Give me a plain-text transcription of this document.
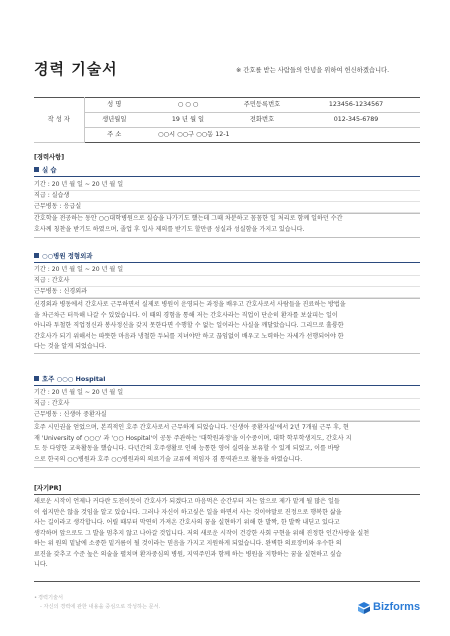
경력 기술서	※ 간호를 받는 사람들의 안녕을 위하여 헌신하겠습니다.
작 성 자	성 명	○ ○ ○	주민등록번호	123456-1234567
	생년월일	19 년 월 일	전화번호	012-345-6789
	주 소	○○시 ○○구 ○○동 12-1		
[경력사항]
실 습
기간 : 20 년 월 일 ~ 20 년 월 일
직급 : 실습생
근무병동 : 응급실
간호학을 전공하는 동안 ○○대학병원으로 실습을 나가기도 했는데 그때 차분하고 꼼꼼한 일 처리로 함께 일하던 수간
호사께 칭찬을 받기도 하였으며, 졸업 후 입사 제의를 받기도 할만큼 성실과 성실함을 가지고 있습니다.
○○병원 정형외과
기간 : 20 년 월 일 ~ 20 년 월 일
직급 : 간호사
근무병동 : 신경외과
신경외과 병동에서 간호사로 근무하면서 실제로 병원이 운영되는 과정을 배우고 간호사로서 사람들을 진료하는 방법을
을 차근차근 터득해 나갈 수 있었습니다. 이 때의 경험을 통해 저는 간호사라는 직업이 단순히 환자를 보살피는 일이
아니라 투철한 직업정신과 봉사정신을 갖지 못한다면 수행할 수 없는 일이라는 사실을 깨달았습니다. 그리므로 훌륭한
간호사가 되기 위해서는 따뜻한 마음과 냉철한 두뇌를 지녀야만 하고 끊임없이 배우고 노력하는 자세가 선행되어야 한
다는 것을 알게 되었습니다.
호주 ○○○ Hospital
기간 : 20 년 월 일 ~ 20 년 월 일
직급 : 간호사
근무병동 : 신생아 중환자실
호주 시민권을 얻었으며, 본격적인 호주 간호사로서 근무하게 되었습니다. '신생아 중환자실'에서 2년 7개월 근무 후, 현
재 'University of ○○○' 과 '○○ Hospital'이 공동 주관하는 '대학원과정'을 이수중이며, 대학 학부학생지도, 간호사 지
도 등 다양한 교육활동을 했습니다. 다년간의 호주생활로 인해 능통한 영어 실력을 보유할 수 있게 되었고, 이를 바탕
으로 한국의 ○○병원과 호주 ○○병원과의 의료기술 교류에 적임자 겸 통역관으로 활동을 하였습니다.
[자기PR]
새로운 시작이 언제나 커다란 도전이듯이 간호사가 되겠다고 마음먹은 순간부터 저는 앞으로 제가 맡게 될 많은 일들
이 쉽지만은 않을 것임을 알고 있습니다. 그러나 자신이 하고싶은 일을 하면서 사는 것이야말로 진정으로 행복한 삶을
사는 길이라고 생각합니다. 어릴 때부터 막연히 가져온 간호사의 꿈을 실현하기 위해 한 발짝, 한 발짝 내딛고 있다고
생각하며 앞으로도 그 발을 멈추지 않고 나아갈 것입니다. 저의 새로운 시작이 건강한 사회 구현을 위해 진정한 인간사랑을 실천
하는 위 원의 밑날에 소중한 밑거름이 될 것이라는 믿음을 가지고 지원하게 되었습니다. 완벽한 의료장비와 우수한 의
료진을 갖추고 수준 높은 의술을 펼치며 환자중심의 병원, 지역주민과 함께 하는 병원을 지향하는 꿈을 실현하고 싶습
니다.
•경력기술서
- 자신의 경력에 관한 내용을 중심으로 작성하는 문서.	Bizforms
